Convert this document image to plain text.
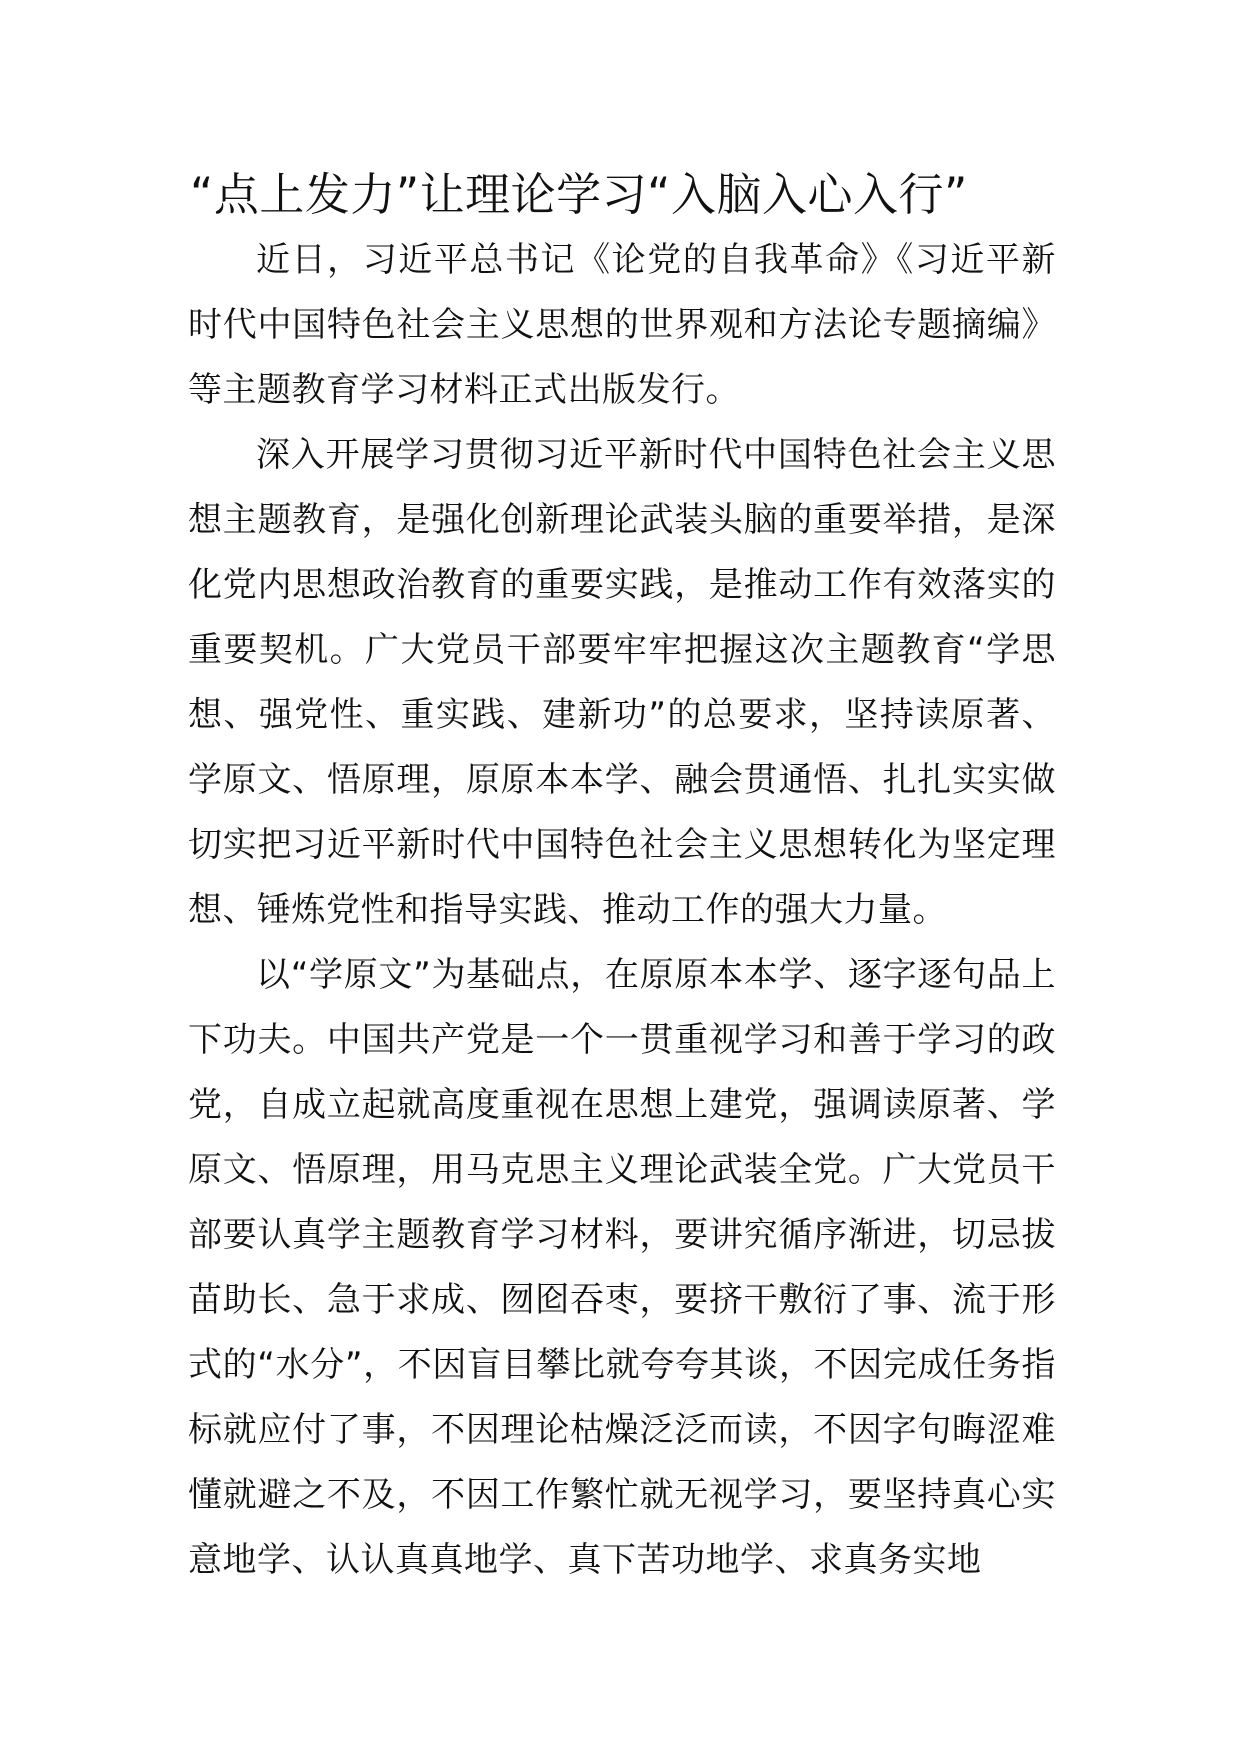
“点上发力”让理论学习“入脑入心入行”

近日，习近平总书记《论党的自我革命》《习近平新时代中国特色社会主义思想的世界观和方法论专题摘编》等主题教育学习材料正式出版发行。

深入开展学习贯彻习近平新时代中国特色社会主义思想主题教育，是强化创新理论武装头脑的重要举措，是深化党内思想政治教育的重要实践，是推动工作有效落实的重要契机。广大党员干部要牢牢把握这次主题教育“学思想、强党性、重实践、建新功”的总要求，坚持读原著、学原文、悟原理，原原本本学、融会贯通悟、扎扎实实做切实把习近平新时代中国特色社会主义思想转化为坚定理想、锤炼党性和指导实践、推动工作的强大力量。

以“学原文”为基础点，在原原本本学、逐字逐句品上下功夫。中国共产党是一个一贯重视学习和善于学习的政党，自成立起就高度重视在思想上建党，强调读原著、学原文、悟原理，用马克思主义理论武装全党。广大党员干部要认真学主题教育学习材料，要讲究循序渐进，切忌拔苗助长、急于求成、囫囵吞枣，要挤干敷衍了事、流于形式的“水分”，不因盲目攀比就夸夸其谈，不因完成任务指标就应付了事，不因理论枯燥泛泛而读，不因字句晦涩难懂就避之不及，不因工作繁忙就无视学习，要坚持真心实意地学、认认真真地学、真下苦功地学、求真务实地
